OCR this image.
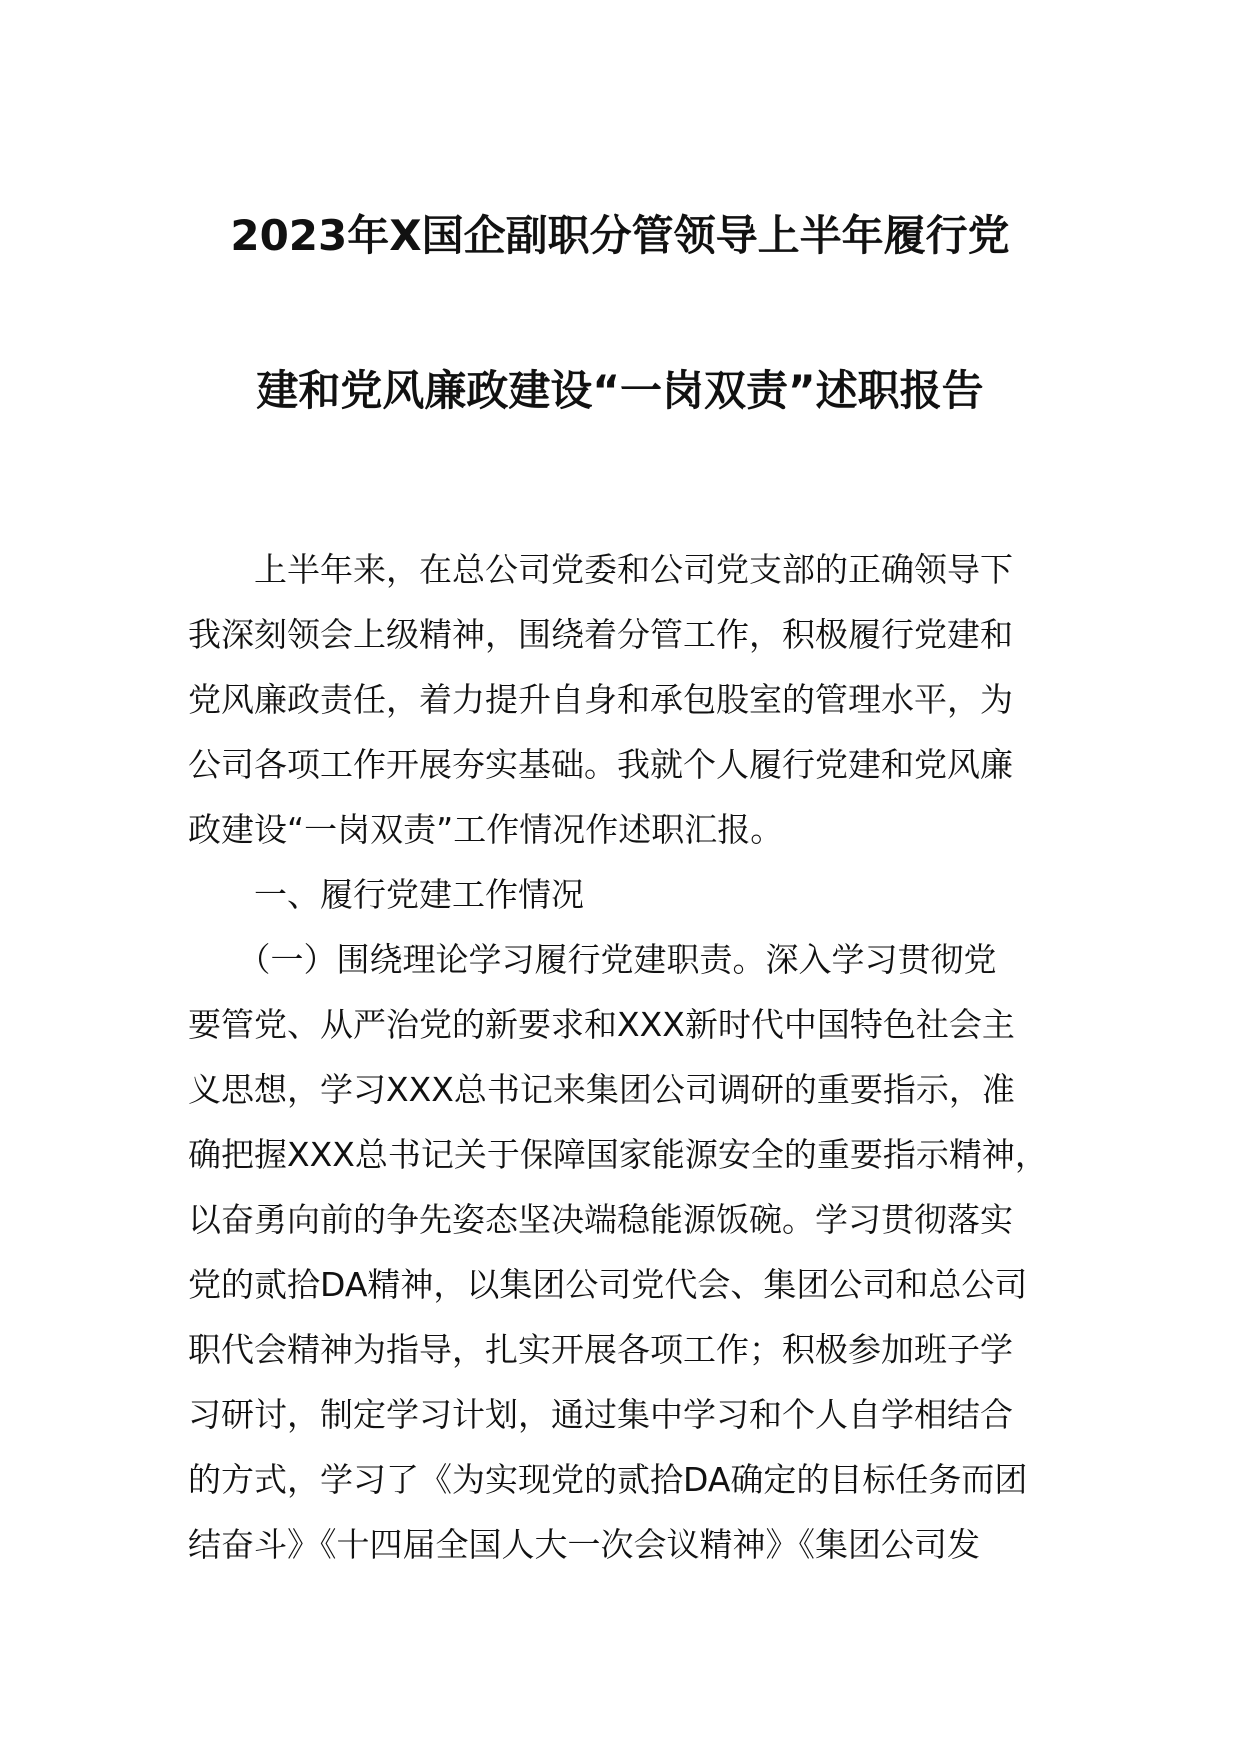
2023年X国企副职分管领导上半年履行党
建和党风廉政建设“一岗双责”述职报告
　　上半年来，在总公司党委和公司党支部的正确领导下
我深刻领会上级精神，围绕着分管工作，积极履行党建和
党风廉政责任，着力提升自身和承包股室的管理水平，为
公司各项工作开展夯实基础。我就个人履行党建和党风廉
政建设“一岗双责”工作情况作述职汇报。
　　一、履行党建工作情况
　　（一）围绕理论学习履行党建职责。深入学习贯彻党
要管党、从严治党的新要求和XXX新时代中国特色社会主
义思想，学习XXX总书记来集团公司调研的重要指示，准
确把握XXX总书记关于保障国家能源安全的重要指示精神，
以奋勇向前的争先姿态坚决端稳能源饭碗。学习贯彻落实
党的贰拾DA精神，以集团公司党代会、集团公司和总公司
职代会精神为指导，扎实开展各项工作；积极参加班子学
习研讨，制定学习计划，通过集中学习和个人自学相结合
的方式，学习了《为实现党的贰拾DA确定的目标任务而团
结奋斗》《十四届全国人大一次会议精神》《集团公司发
